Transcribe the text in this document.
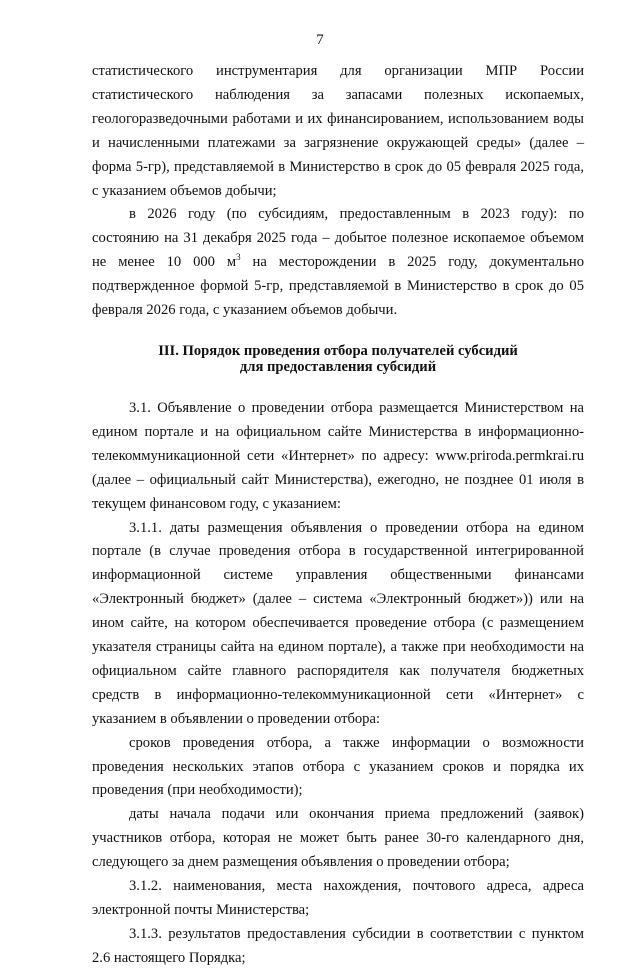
7

статистического инструментария для организации МПР России статистического наблюдения за запасами полезных ископаемых, геологоразведочными работами и их финансированием, использованием воды и начисленными платежами за загрязнение окружающей среды» (далее – форма 5-гр), представляемой в Министерство в срок до 05 февраля 2025 года, с указанием объемов добычи;

в 2026 году (по субсидиям, предоставленным в 2023 году): по состоянию на 31 декабря 2025 года – добытое полезное ископаемое объемом не менее 10 000 $м^3$ на месторождении в 2025 году, документально подтвержденное формой 5-гр, представляемой в Министерство в срок до 05 февраля 2026 года, с указанием объемов добычи.

III. Порядок проведения отбора получателей субсидий
для предоставления субсидий

3.1. Объявление о проведении отбора размещается Министерством на едином портале и на официальном сайте Министерства в информационно-телекоммуникационной сети «Интернет» по адресу: www.priroda.permkrai.ru (далее – официальный сайт Министерства), ежегодно, не позднее 01 июля в текущем финансовом году, с указанием:

3.1.1. даты размещения объявления о проведении отбора на едином портале (в случае проведения отбора в государственной интегрированной информационной системе управления общественными финансами «Электронный бюджет» (далее – система «Электронный бюджет»)) или на ином сайте, на котором обеспечивается проведение отбора (с размещением указателя страницы сайта на едином портале), а также при необходимости на официальном сайте главного распорядителя как получателя бюджетных средств в информационно-телекоммуникационной сети «Интернет» с указанием в объявлении о проведении отбора:

сроков проведения отбора, а также информации о возможности проведения нескольких этапов отбора с указанием сроков и порядка их проведения (при необходимости);

даты начала подачи или окончания приема предложений (заявок) участников отбора, которая не может быть ранее 30-го календарного дня, следующего за днем размещения объявления о проведении отбора;

3.1.2. наименования, места нахождения, почтового адреса, адреса электронной почты Министерства;

3.1.3. результатов предоставления субсидии в соответствии с пунктом 2.6 настоящего Порядка;
